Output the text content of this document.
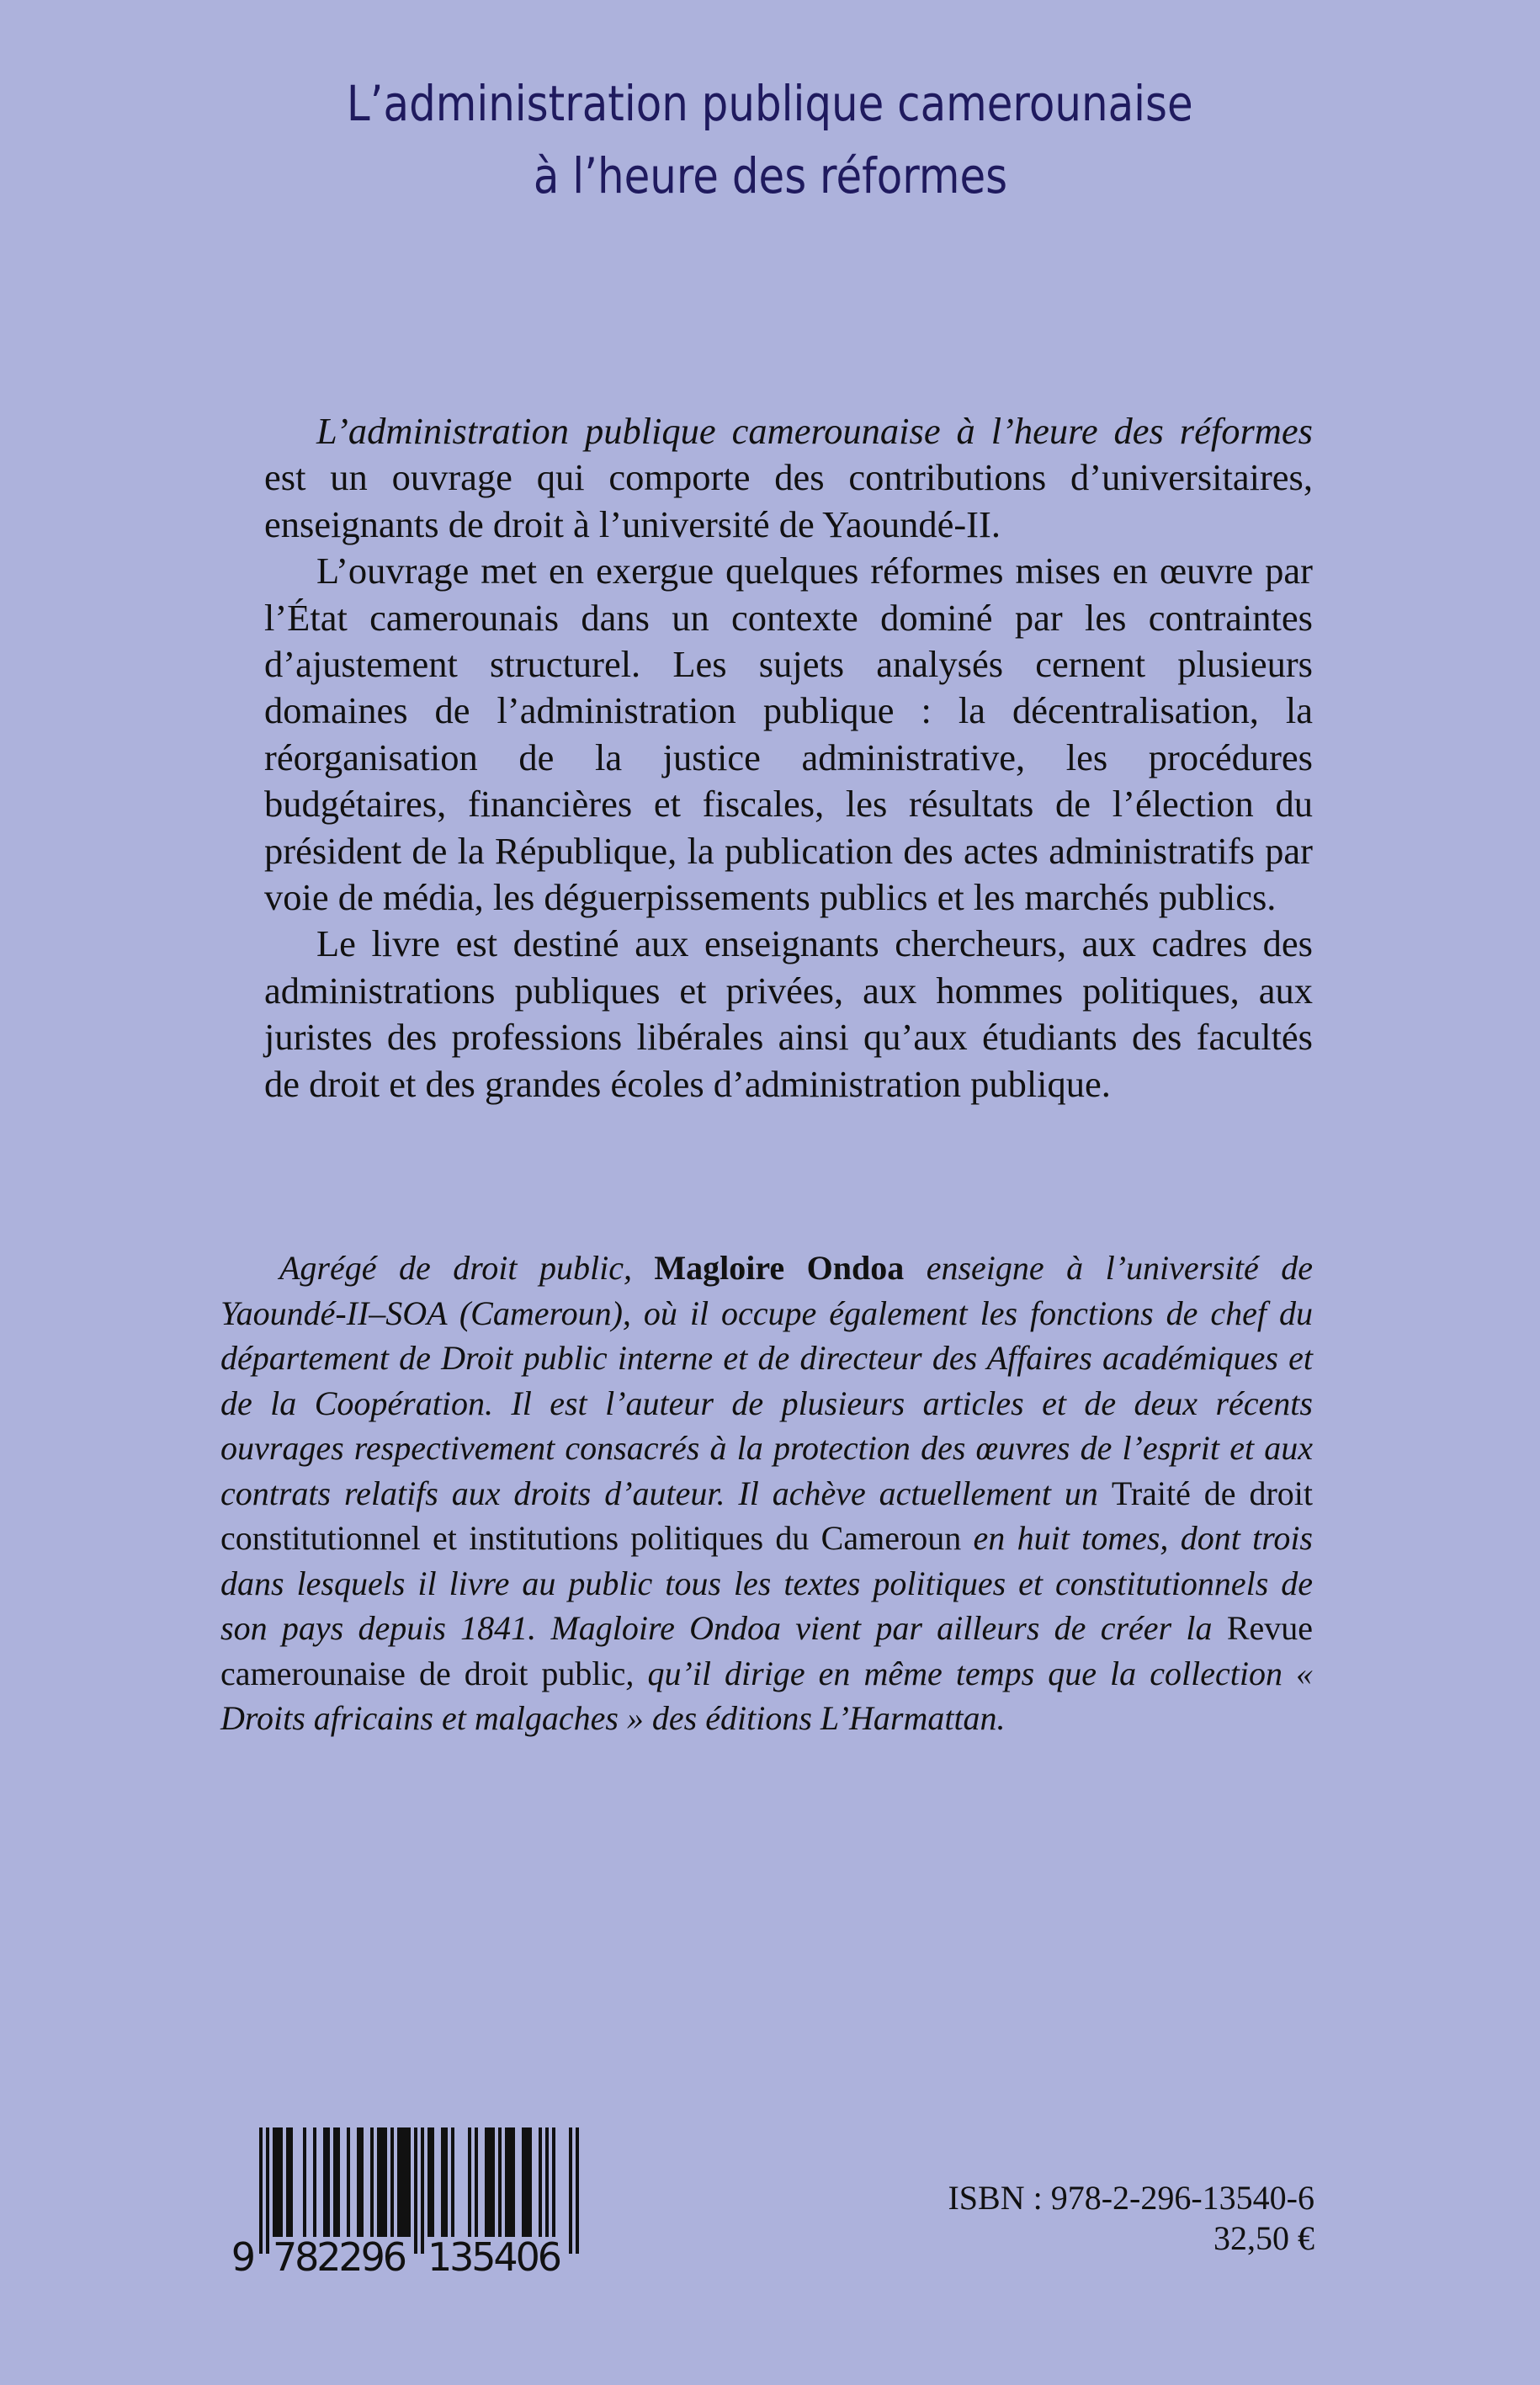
L’administration publique camerounaise
à l’heure des réformes

L’administration publique camerounaise à l’heure des réformes est un ouvrage qui comporte des contributions d’universitaires, enseignants de droit à l’université de Yaoundé-II.

L’ouvrage met en exergue quelques réformes mises en œuvre par l’État camerounais dans un contexte dominé par les contraintes d’ajustement structurel. Les sujets analysés cernent plusieurs domaines de l’administration publique : la décentralisation, la réorganisation de la justice administrative, les procédures budgétaires, financières et fiscales, les résultats de l’élection du président de la République, la publication des actes administratifs par voie de média, les déguerpissements publics et les marchés publics.

Le livre est destiné aux enseignants chercheurs, aux cadres des administrations publiques et privées, aux hommes politiques, aux juristes des professions libérales ainsi qu’aux étudiants des facultés de droit et des grandes écoles d’administration publique.

Agrégé de droit public, Magloire Ondoa enseigne à l’université de Yaoundé-II–SOA (Cameroun), où il occupe également les fonctions de chef du département de Droit public interne et de directeur des Affaires académiques et de la Coopération. Il est l’auteur de plusieurs articles et de deux récents ouvrages respectivement consacrés à la protection des œuvres de l’esprit et aux contrats relatifs aux droits d’auteur. Il achève actuellement un Traité de droit constitutionnel et institutions politiques du Cameroun en huit tomes, dont trois dans lesquels il livre au public tous les textes politiques et constitutionnels de son pays depuis 1841. Magloire Ondoa vient par ailleurs de créer la Revue camerounaise de droit public, qu’il dirige en même temps que la collection « Droits africains et malgaches » des éditions L’Harmattan.

9 782296 135406
ISBN : 978-2-296-13540-6
32,50 €
